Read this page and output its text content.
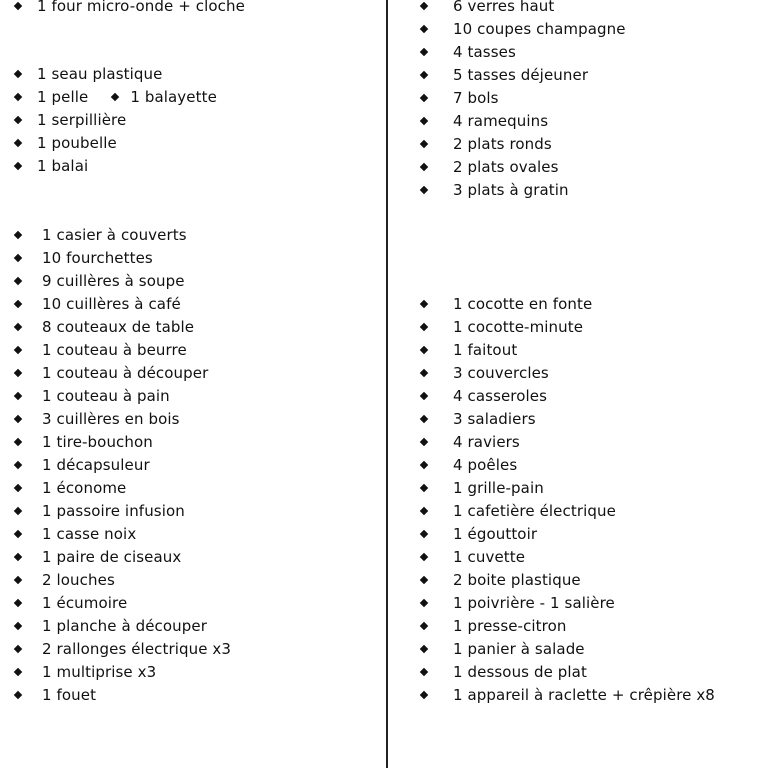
1 four micro-onde + cloche
1 seau plastique
1 pelle	1 balayette
1 serpillière
1 poubelle
1 balai
1 casier à couverts
10 fourchettes
9 cuillères à soupe
10 cuillères à café
8 couteaux de table
1 couteau à beurre
1 couteau à découper
1 couteau à pain
3 cuillères en bois
1 tire-bouchon
1 décapsuleur
1 économe
1 passoire infusion
1 casse noix
1 paire de ciseaux
2 louches
1 écumoire
1 planche à découper
2 rallonges électrique x3
1 multiprise x3
1 fouet
6 verres haut
10 coupes champagne
4 tasses
5 tasses déjeuner
7 bols
4 ramequins
2 plats ronds
2 plats ovales
3 plats à gratin
1 cocotte en fonte
1 cocotte-minute
1 faitout
3 couvercles
4 casseroles
3 saladiers
4 raviers
4 poêles
1 grille-pain
1 cafetière électrique
1 égouttoir
1 cuvette
2 boite plastique
1 poivrière - 1 salière
1 presse-citron
1 panier à salade
1 dessous de plat
1 appareil à raclette + crêpière x8
